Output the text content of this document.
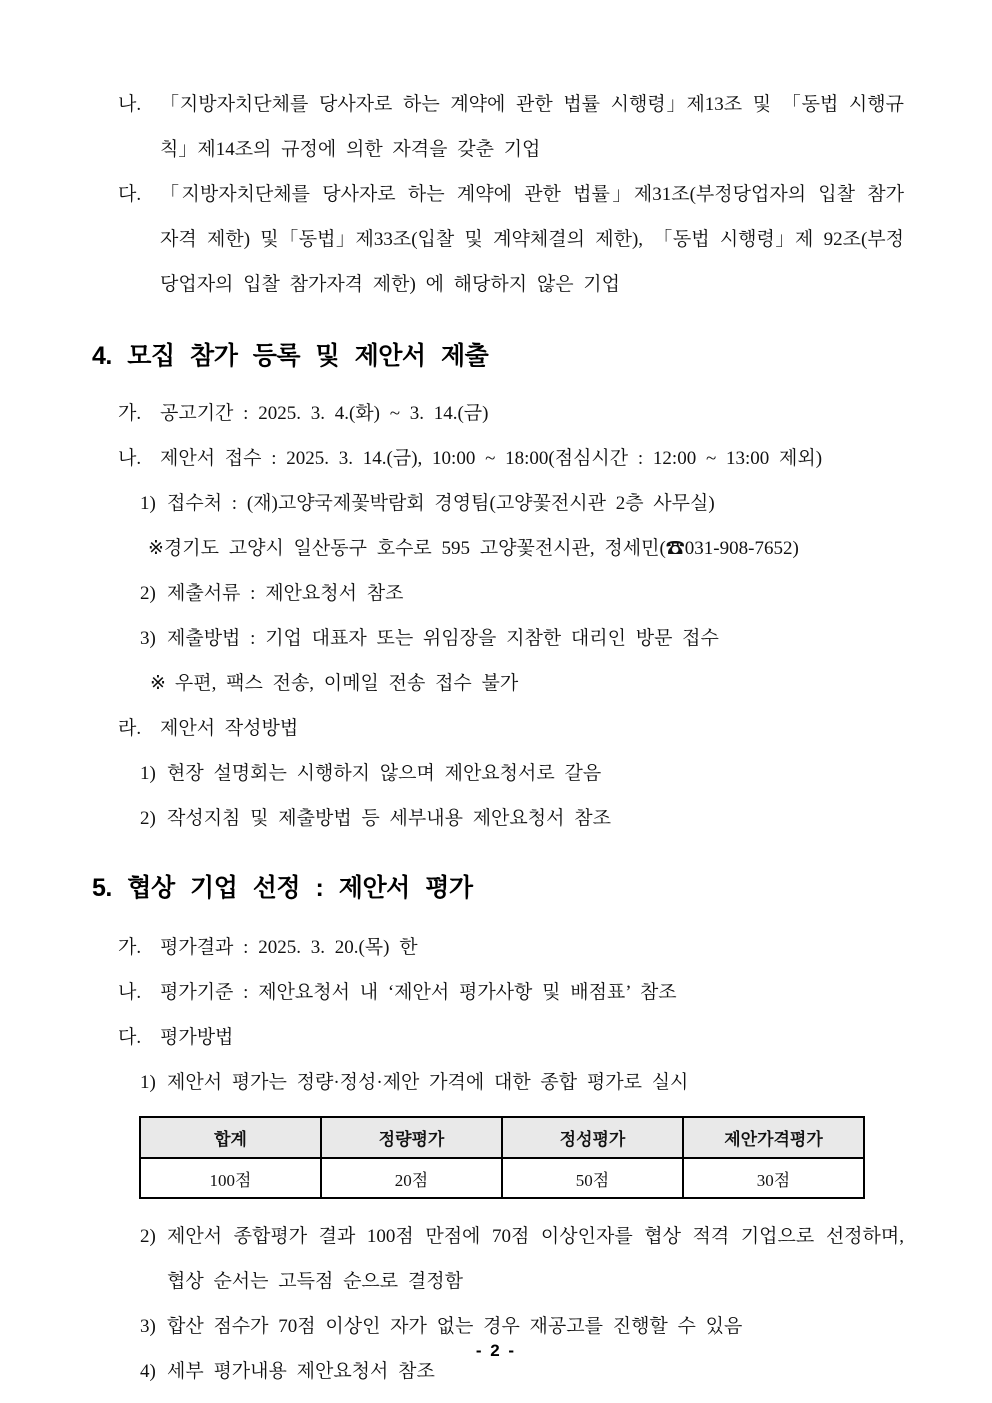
나. 「지방자치단체를 당사자로 하는 계약에 관한 법률 시행령」제13조 및 「동법 시행규칙」제14조의 규정에 의한 자격을 갖춘 기업
다. 「지방자치단체를 당사자로 하는 계약에 관한 법률」제31조(부정당업자의 입찰 참가 자격 제한) 및「동법」제33조(입찰 및 계약체결의 제한), 「동법 시행령」제 92조(부정당업자의 입찰 참가자격 제한) 에 해당하지 않은 기업
4. 모집 참가 등록 및 제안서 제출
가. 공고기간 : 2025. 3. 4.(화) ~ 3. 14.(금)
나. 제안서 접수 : 2025. 3. 14.(금), 10:00 ~ 18:00(점심시간 : 12:00 ~ 13:00 제외)
1) 접수처 : (재)고양국제꽃박람회 경영팀(고양꽃전시관 2층 사무실)
※ 경기도 고양시 일산동구 호수로 595 고양꽃전시관, 정세민(☎031-908-7652)
2) 제출서류 : 제안요청서 참조
3) 제출방법 : 기업 대표자 또는 위임장을 지참한 대리인 방문 접수
※ 우편, 팩스 전송, 이메일 전송 접수 불가
라. 제안서 작성방법
1) 현장 설명회는 시행하지 않으며 제안요청서로 갈음
2) 작성지침 및 제출방법 등 세부내용 제안요청서 참조
5. 협상 기업 선정 : 제안서 평가
가. 평가결과 : 2025. 3. 20.(목) 한
나. 평가기준 : 제안요청서 내 ‘제안서 평가사항 및 배점표’ 참조
다. 평가방법
1) 제안서 평가는 정량·정성·제안 가격에 대한 종합 평가로 실시
합계	정량평가	정성평가	제안가격평가
100점	20점	50점	30점
2) 제안서 종합평가 결과 100점 만점에 70점 이상인자를 협상 적격 기업으로 선정하며, 협상 순서는 고득점 순으로 결정함
3) 합산 점수가 70점 이상인 자가 없는 경우 재공고를 진행할 수 있음
4) 세부 평가내용 제안요청서 참조
- 2 -
